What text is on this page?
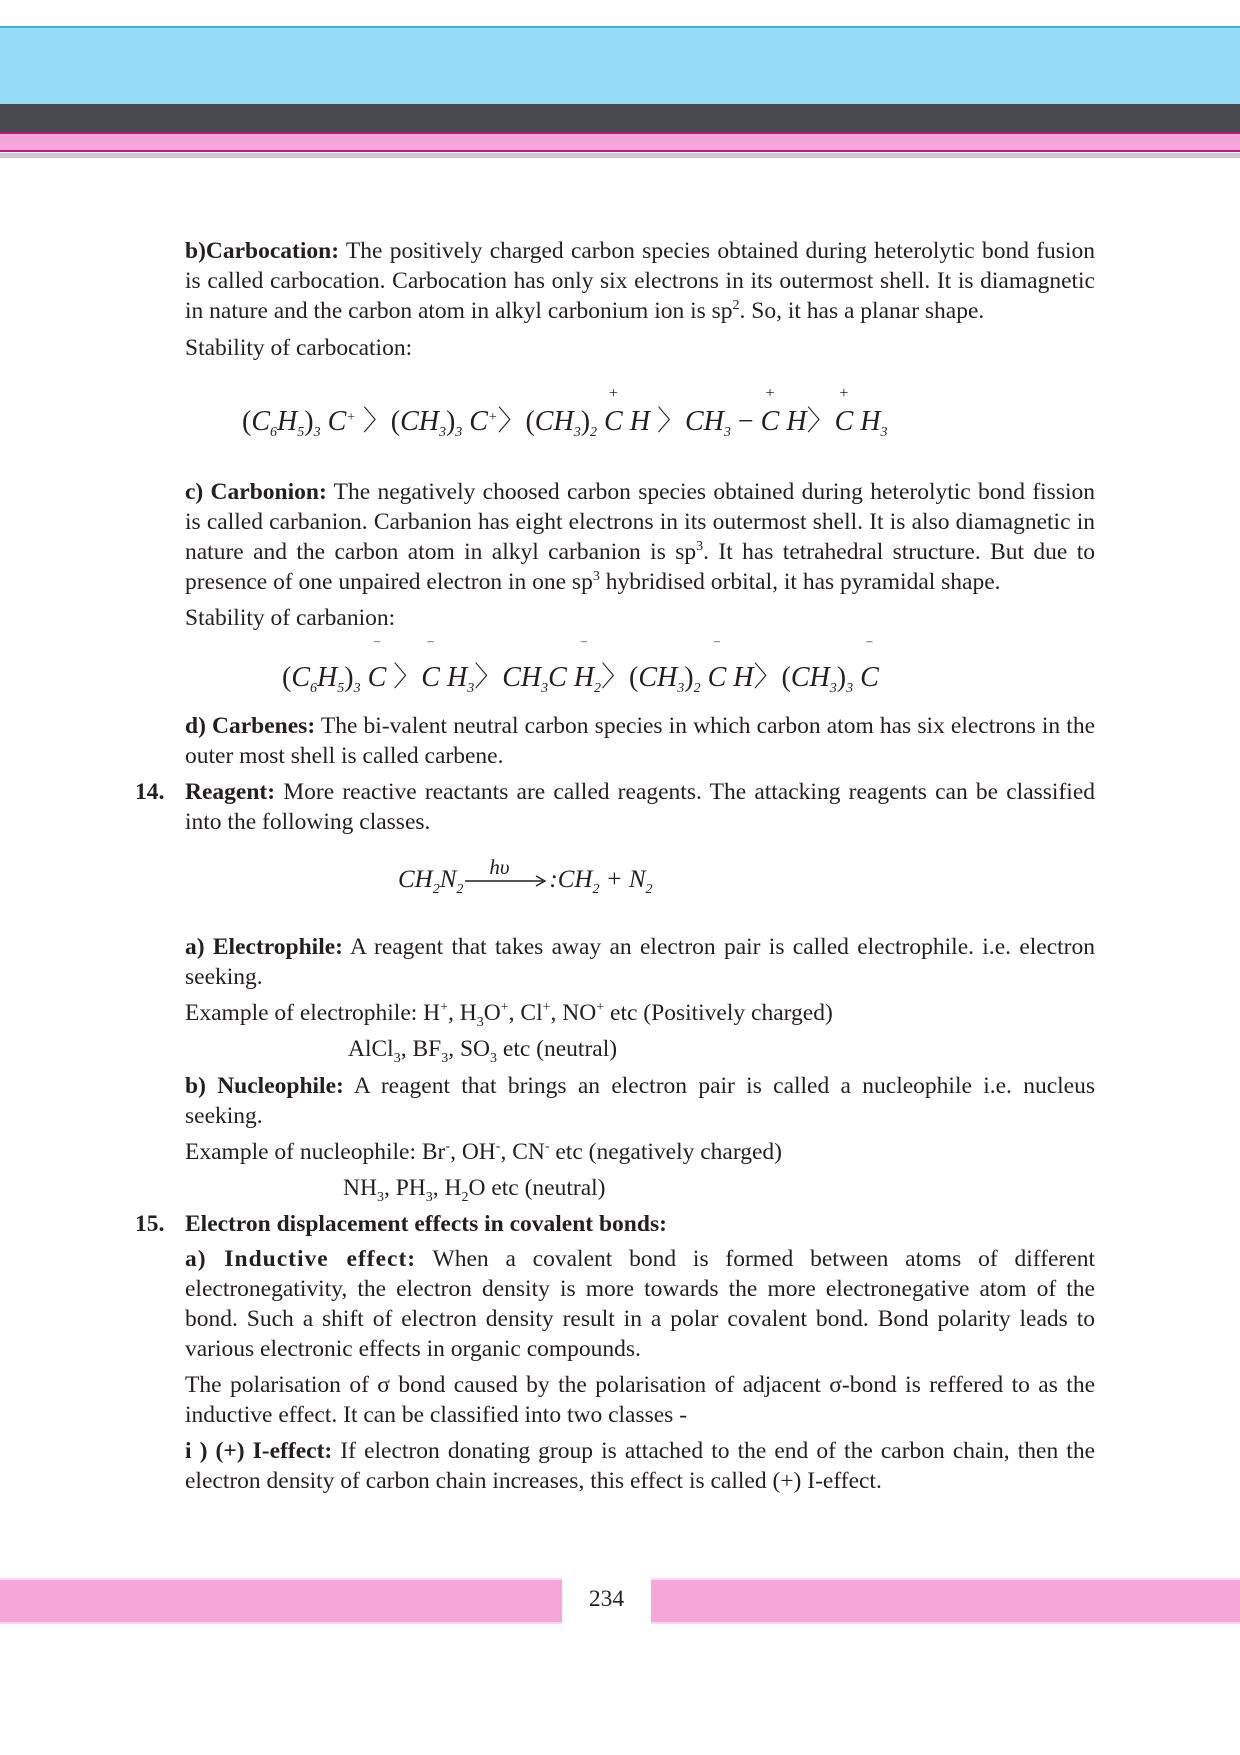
b)Carbocation: The positively charged carbon species obtained during heterolytic bond fusion is called carbocation. Carbocation has only six electrons in its outermost shell. It is diamagnetic in nature and the carbon atom in alkyl carbonium ion is $sp^2$. So, it has a planar shape.

Stability of carbocation:

$(C_6H_5)_3$ C+ 〉$(CH_3)_3$ C+〉$(CH_3)_2 + C$ H 〉$CH_3$ − + C H〉+ C $H_3$

c) Carbonion: The negatively choosed carbon species obtained during heterolytic bond fission is called carbanion. Carbanion has eight electrons in its outermost shell. It is also diamagnetic in nature and the carbon atom in alkyl carbanion is $sp^3$. It has tetrahedral structure. But due to presence of one unpaired electron in one $sp^3$ hybridised orbital, it has pyramidal shape.

Stability of carbanion:

$(C_6H_5)_3$ ‾ C 〉‾ C $H_3$〉$CH_3C$ ‾ $H_2$〉$(CH_3)_2$ ‾ C H〉$(CH_3)_3$ ‾ C

d) Carbenes: The bi-valent neutral carbon species in which carbon atom has six electrons in the outer most shell is called carbene.

14. Reagent: More reactive reactants are called reagents. The attacking reagents can be classified into the following classes.

$CH_2N_2$
hυ $:CH_2 + N_2$

a) Electrophile: A reagent that takes away an electron pair is called electrophile. i.e. electron seeking.

Example of electrophile: H+, $H_3O^+$, Cl+, NO+ etc (Positively charged)

AlCl$_3$, $BF_3$, $SO_3$ etc (neutral)

b) Nucleophile: A reagent that brings an electron pair is called a nucleophile i.e. nucleus seeking.

Example of nucleophile: Br-, OH-, CN- etc (negatively charged)

$NH_3$, $PH_3$, $H_2O$ etc (neutral)

15. Electron displacement effects in covalent bonds:

a) Inductive effect: When a covalent bond is formed between atoms of different electronegativity, the electron density is more towards the more electronegative atom of the bond. Such a shift of electron density result in a polar covalent bond. Bond polarity leads to various electronic effects in organic compounds.

The polarisation of σ bond caused by the polarisation of adjacent σ-bond is reffered to as the inductive effect. It can be classified into two classes -

i ) (+) I-effect: If electron donating group is attached to the end of the carbon chain, then the electron density of carbon chain increases, this effect is called (+) I-effect.

234
